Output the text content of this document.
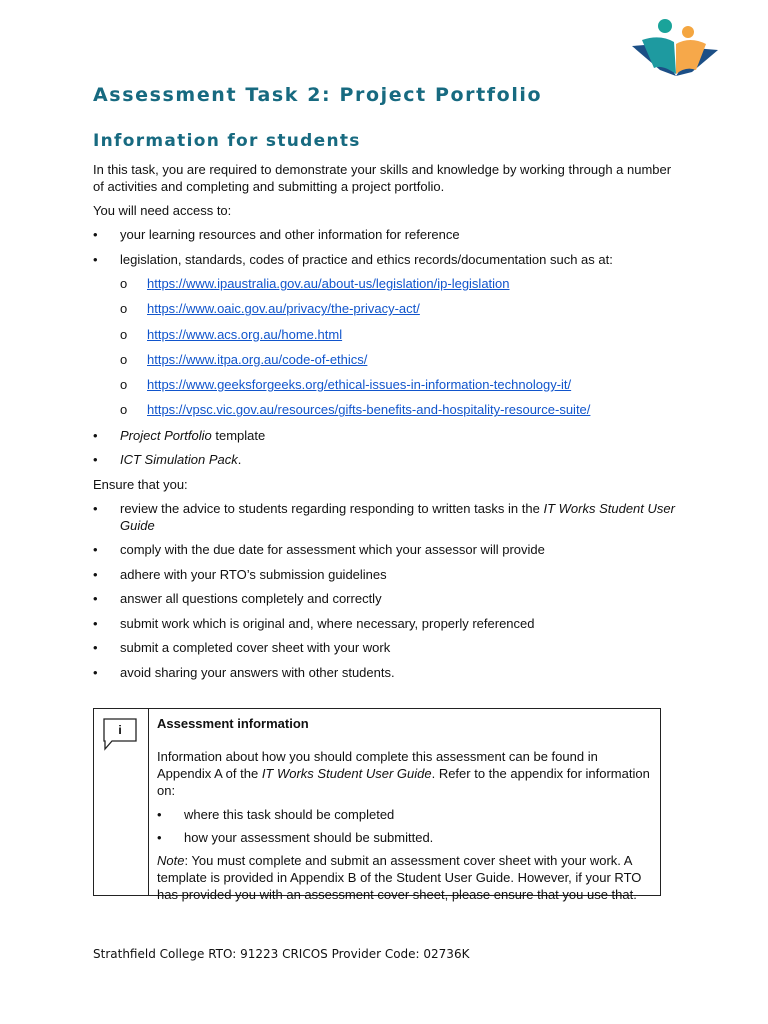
Assessment Task 2: Project Portfolio
Information for students

In this task, you are required to demonstrate your skills and knowledge by working through a number of activities and completing and submitting a project portfolio.

You will need access to:

• your learning resources and other information for reference
• legislation, standards, codes of practice and ethics records/documentation such as at:
o https://www.ipaustralia.gov.au/about-us/legislation/ip-legislation
o https://www.oaic.gov.au/privacy/the-privacy-act/
o https://www.acs.org.au/home.html
o https://www.itpa.org.au/code-of-ethics/
o https://www.geeksforgeeks.org/ethical-issues-in-information-technology-it/
o https://vpsc.vic.gov.au/resources/gifts-benefits-and-hospitality-resource-suite/
• Project Portfolio template
• ICT Simulation Pack.

Ensure that you:

• review the advice to students regarding responding to written tasks in the IT Works Student User Guide
• comply with the due date for assessment which your assessor will provide
• adhere with your RTO’s submission guidelines
• answer all questions completely and correctly
• submit work which is original and, where necessary, properly referenced
• submit a completed cover sheet with your work
• avoid sharing your answers with other students.
i	Assessment information

Information about how you should complete this assessment can be found in Appendix A of the IT Works Student User Guide. Refer to the appendix for information on:

• where this task should be completed
• how your assessment should be submitted.

Note: You must complete and submit an assessment cover sheet with your work. A template is provided in Appendix B of the Student User Guide. However, if your RTO has provided you with an assessment cover sheet, please ensure that you use that.

Strathfield College RTO: 91223 CRICOS Provider Code: 02736K
